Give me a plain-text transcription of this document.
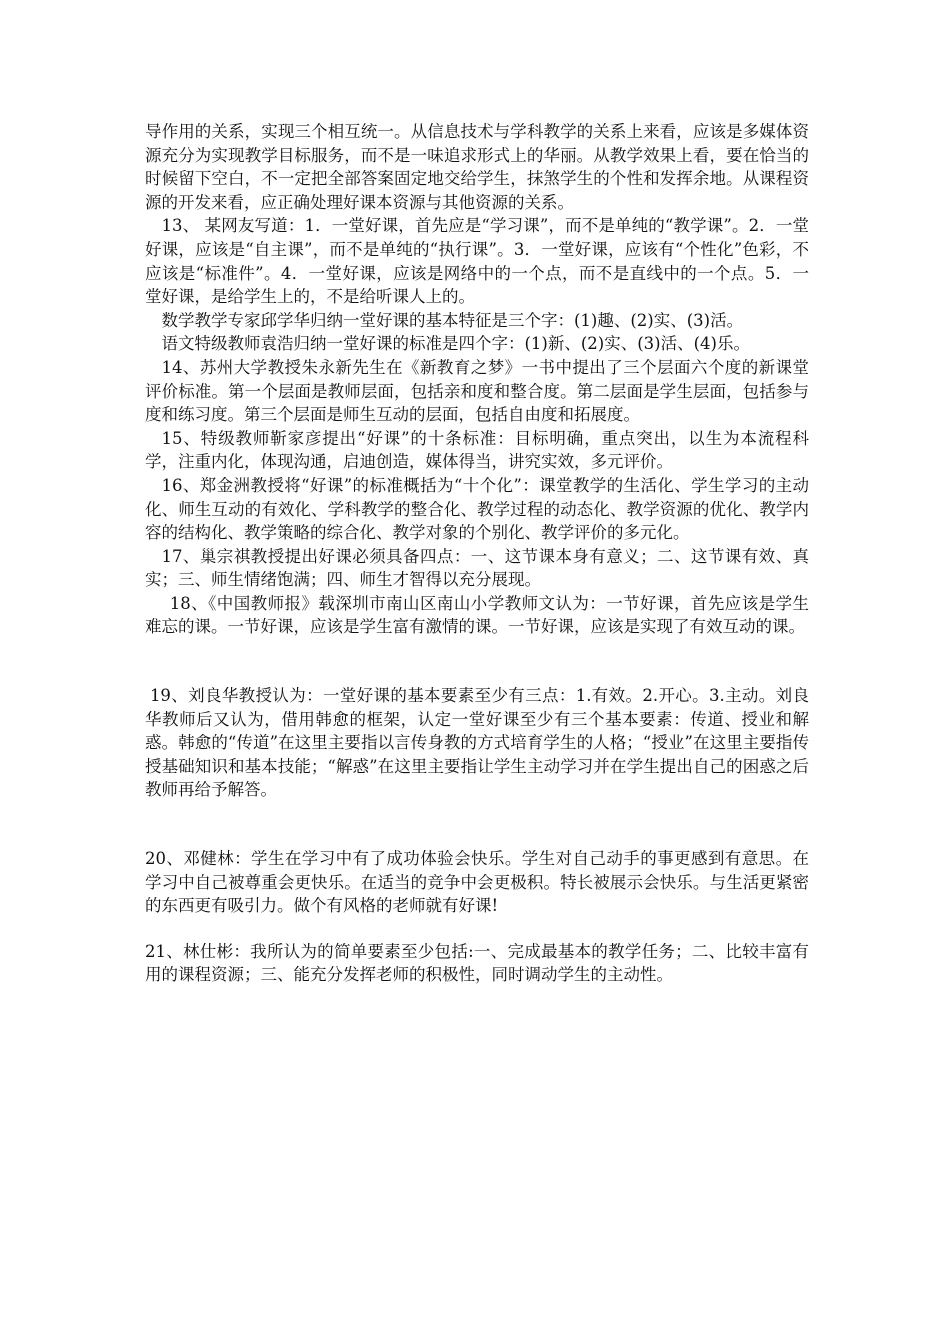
导作用的关系，实现三个相互统一。从信息技术与学科教学的关系上来看，应该是多媒体资源充分为实现教学目标服务，而不是一味追求形式上的华丽。从教学效果上看，要在恰当的时候留下空白，不一定把全部答案固定地交给学生，抹煞学生的个性和发挥余地。从课程资源的开发来看，应正确处理好课本资源与其他资源的关系。

13、 某网友写道：1．一堂好课，首先应是“学习课”，而不是单纯的“教学课”。2．一堂好课，应该是“自主课”，而不是单纯的“执行课”。3．一堂好课，应该有“个性化”色彩，不应该是“标准件”。4．一堂好课，应该是网络中的一个点，而不是直线中的一个点。5．一堂好课，是给学生上的，不是给听课人上的。

数学教学专家邱学华归纳一堂好课的基本特征是三个字：(1)趣、(2)实、(3)活。

语文特级教师袁浩归纳一堂好课的标准是四个字：(1)新、(2)实、(3)活、(4)乐。

14、苏州大学教授朱永新先生在《新教育之梦》一书中提出了三个层面六个度的新课堂评价标准。第一个层面是教师层面，包括亲和度和整合度。第二层面是学生层面，包括参与度和练习度。第三个层面是师生互动的层面，包括自由度和拓展度。

15、特级教师靳家彦提出“好课”的十条标准：目标明确，重点突出，以生为本流程科学，注重内化，体现沟通，启迪创造，媒体得当，讲究实效，多元评价。

16、郑金洲教授将“好课”的标准概括为“十个化”：课堂教学的生活化、学生学习的主动化、师生互动的有效化、学科教学的整合化、教学过程的动态化、教学资源的优化、教学内容的结构化、教学策略的综合化、教学对象的个别化、教学评价的多元化。

17、巢宗祺教授提出好课必须具备四点：一、这节课本身有意义；二、这节课有效、真实；三、师生情绪饱满；四、师生才智得以充分展现。

18、《中国教师报》载深圳市南山区南山小学教师文认为：一节好课，首先应该是学生难忘的课。一节好课，应该是学生富有激情的课。一节好课，应该是实现了有效互动的课。

19、刘良华教授认为：一堂好课的基本要素至少有三点：1.有效。2.开心。3.主动。刘良华教师后又认为，借用韩愈的框架，认定一堂好课至少有三个基本要素：传道、授业和解惑。韩愈的“传道”在这里主要指以言传身教的方式培育学生的人格；“授业”在这里主要指传授基础知识和基本技能；“解惑”在这里主要指让学生主动学习并在学生提出自己的困惑之后教师再给予解答。

20、邓健林：学生在学习中有了成功体验会快乐。学生对自己动手的事更感到有意思。在学习中自己被尊重会更快乐。在适当的竞争中会更极积。特长被展示会快乐。与生活更紧密的东西更有吸引力。做个有风格的老师就有好课!

21、林仕彬：我所认为的简单要素至少包括:一、完成最基本的教学任务；二、比较丰富有用的课程资源；三、能充分发挥老师的积极性，同时调动学生的主动性。
